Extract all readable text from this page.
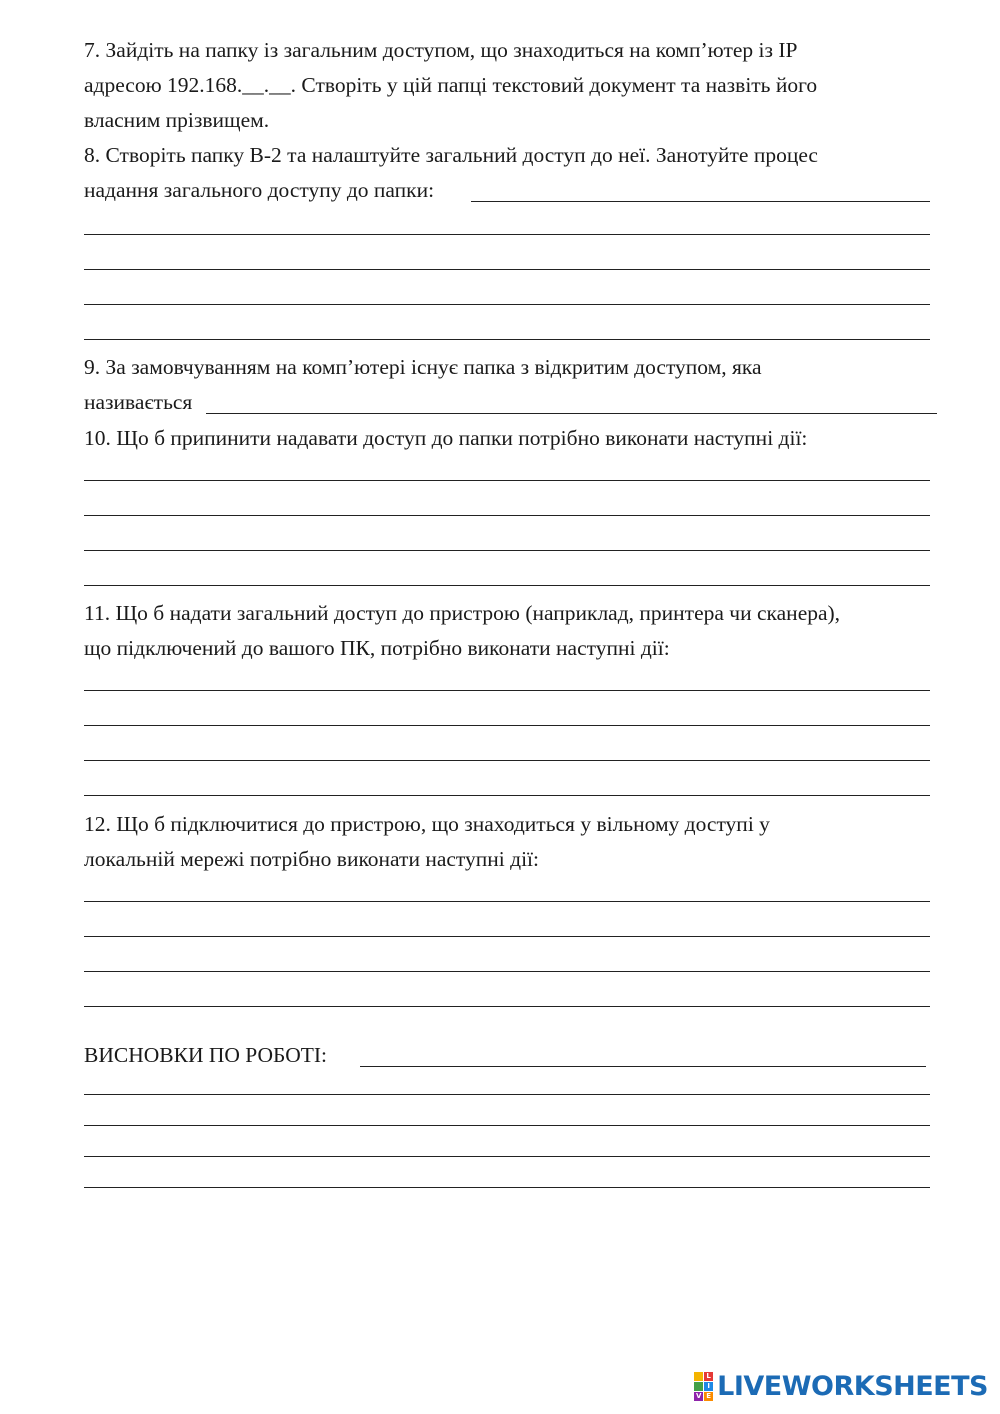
7. Зайдіть на папку із загальним доступом, що знаходиться на комп’ютер із IP
адресою 192.168.__.__. Створіть у цій папці текстовий документ та назвіть його
власним прізвищем.
8. Створіть папку В-2 та налаштуйте загальний доступ до неї. Занотуйте процес
надання загального доступу до папки:
9. За замовчуванням на комп’ютері існує папка з відкритим доступом, яка
називається
10. Що б припинити надавати доступ до папки потрібно виконати наступні дії:
11. Що б надати загальний доступ до пристрою (наприклад, принтера чи сканера),
що підключений до вашого ПК, потрібно виконати наступні дії:
12. Що б підключитися до пристрою, що знаходиться у вільному доступі у
локальній мережі потрібно виконати наступні дії:
ВИСНОВКИ ПО РОБОТІ:
L
I
V E LIVEWORKSHEETS
